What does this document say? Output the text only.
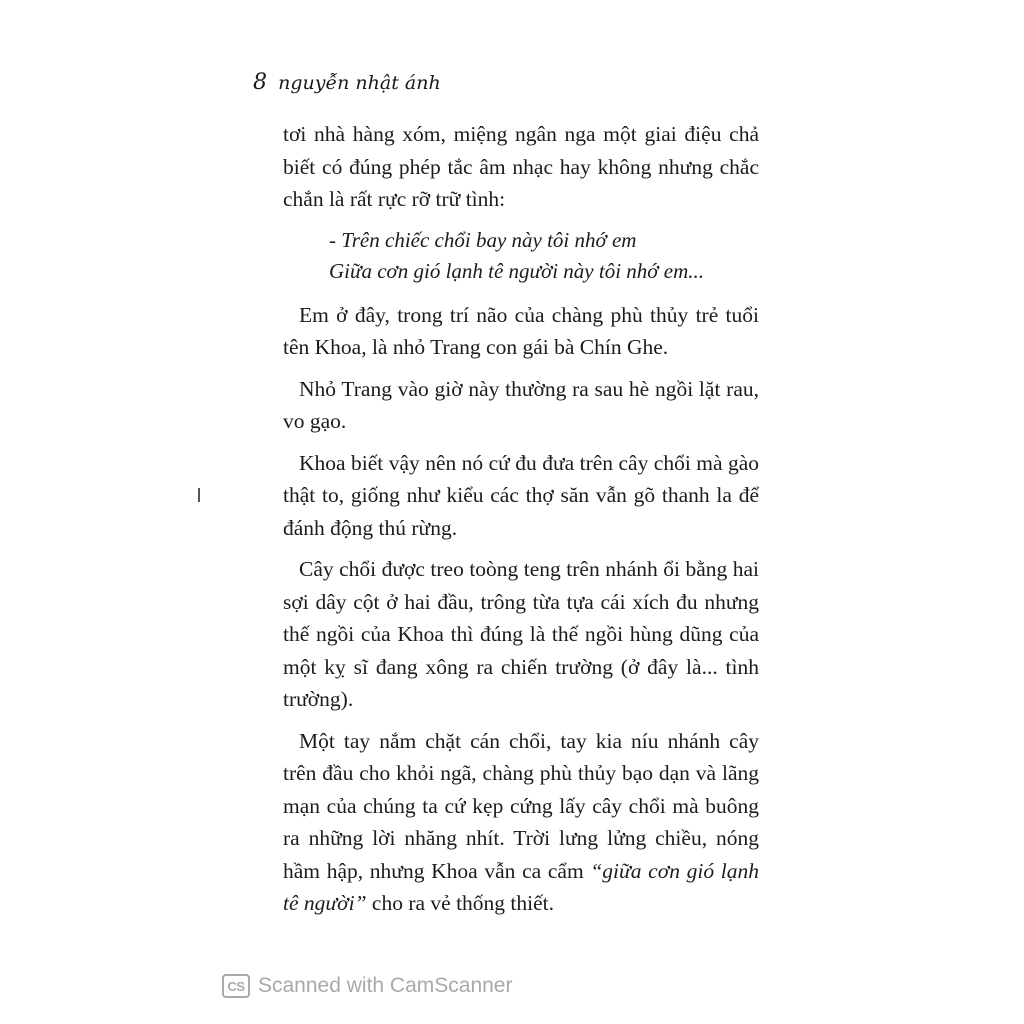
8 nguyễn nhật ánh

tơi nhà hàng xóm, miệng ngân nga một giai điệu chả biết có đúng phép tắc âm nhạc hay không nhưng chắc chắn là rất rực rỡ trữ tình:

- Trên chiếc chổi bay này tôi nhớ em
Giữa cơn gió lạnh tê người này tôi nhớ em...

Em ở đây, trong trí não của chàng phù thủy trẻ tuổi tên Khoa, là nhỏ Trang con gái bà Chín Ghe.

Nhỏ Trang vào giờ này thường ra sau hè ngồi lặt rau, vo gạo.

Khoa biết vậy nên nó cứ đu đưa trên cây chổi mà gào thật to, giống như kiểu các thợ săn vẫn gõ thanh la để đánh động thú rừng.

Cây chổi được treo toòng teng trên nhánh ổi bằng hai sợi dây cột ở hai đầu, trông từa tựa cái xích đu nhưng thế ngồi của Khoa thì đúng là thế ngồi hùng dũng của một kỵ sĩ đang xông ra chiến trường (ở đây là... tình trường).

Một tay nắm chặt cán chổi, tay kia níu nhánh cây trên đầu cho khỏi ngã, chàng phù thủy bạo dạn và lãng mạn của chúng ta cứ kẹp cứng lấy cây chổi mà buông ra những lời nhăng nhít. Trời lưng lửng chiều, nóng hầm hập, nhưng Khoa vẫn ca cẩm “giữa cơn gió lạnh tê người” cho ra vẻ thống thiết.

CS Scanned with CamScanner
